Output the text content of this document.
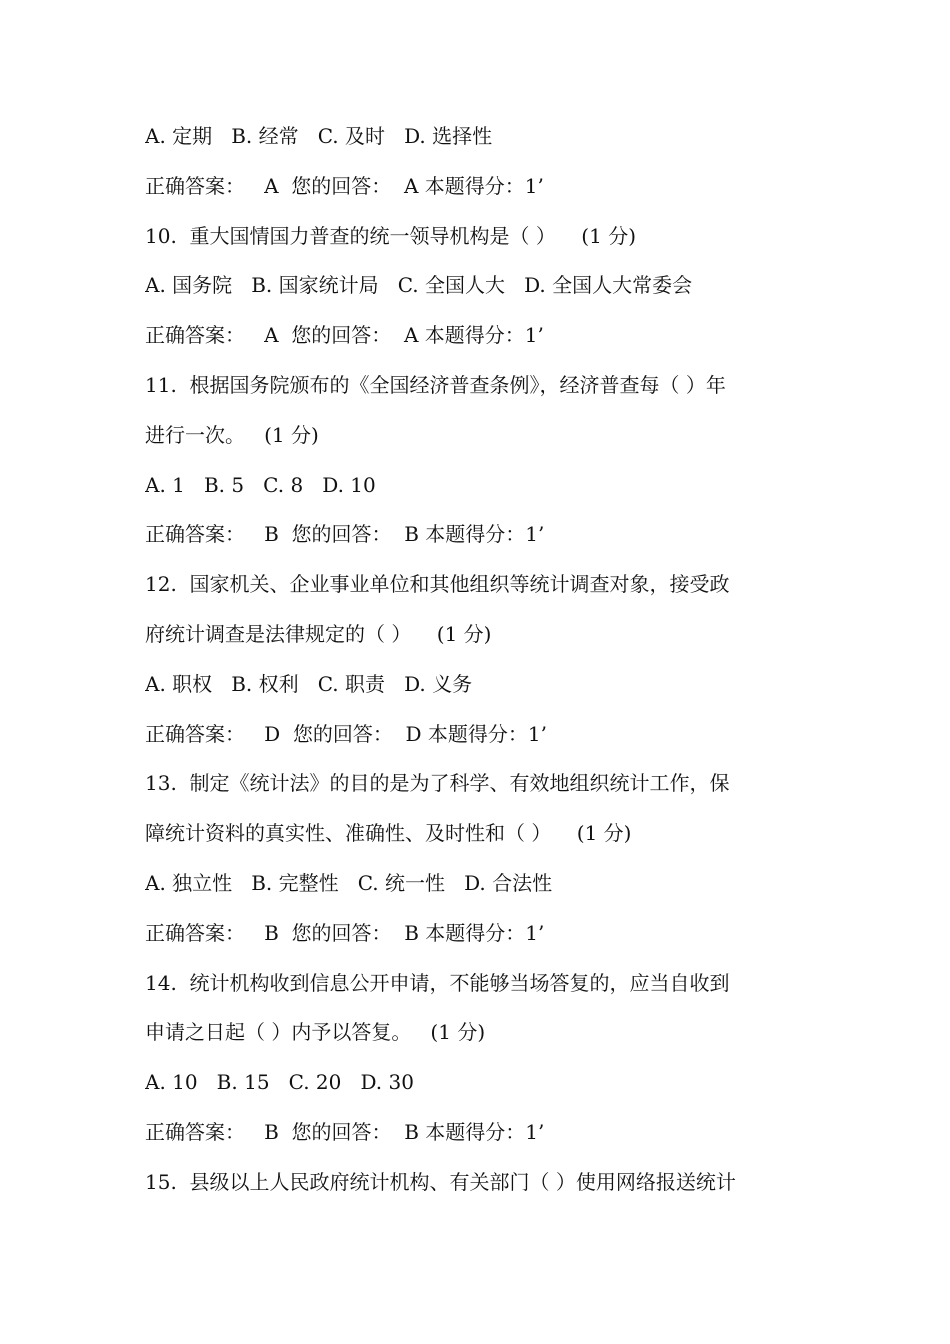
A. 定期   B. 经常   C. 及时   D. 选择性
正确答案：   A  您的回答：  A 本题得分：1’
10.  重大国情国力普查的统一领导机构是（ ）    (1 分)
A. 国务院   B. 国家统计局   C. 全国人大   D. 全国人大常委会
正确答案：   A  您的回答：  A 本题得分：1’
11.  根据国务院颁布的《全国经济普查条例》，经济普查每（ ）年
进行一次。   (1 分)
A. 1   B. 5   C. 8   D. 10
正确答案：   B  您的回答：  B 本题得分：1’
12.  国家机关、企业事业单位和其他组织等统计调查对象，接受政
府统计调查是法律规定的（ ）    (1 分)
A. 职权   B. 权利   C. 职责   D. 义务
正确答案：   D  您的回答：  D 本题得分：1’
13.  制定《统计法》的目的是为了科学、有效地组织统计工作，保
障统计资料的真实性、准确性、及时性和（ ）    (1 分)
A. 独立性   B. 完整性   C. 统一性   D. 合法性
正确答案：   B  您的回答：  B 本题得分：1’
14.  统计机构收到信息公开申请，不能够当场答复的，应当自收到
申请之日起（ ）内予以答复。   (1 分)
A. 10   B. 15   C. 20   D. 30
正确答案：   B  您的回答：  B 本题得分：1’
15.  县级以上人民政府统计机构、有关部门（ ）使用网络报送统计
